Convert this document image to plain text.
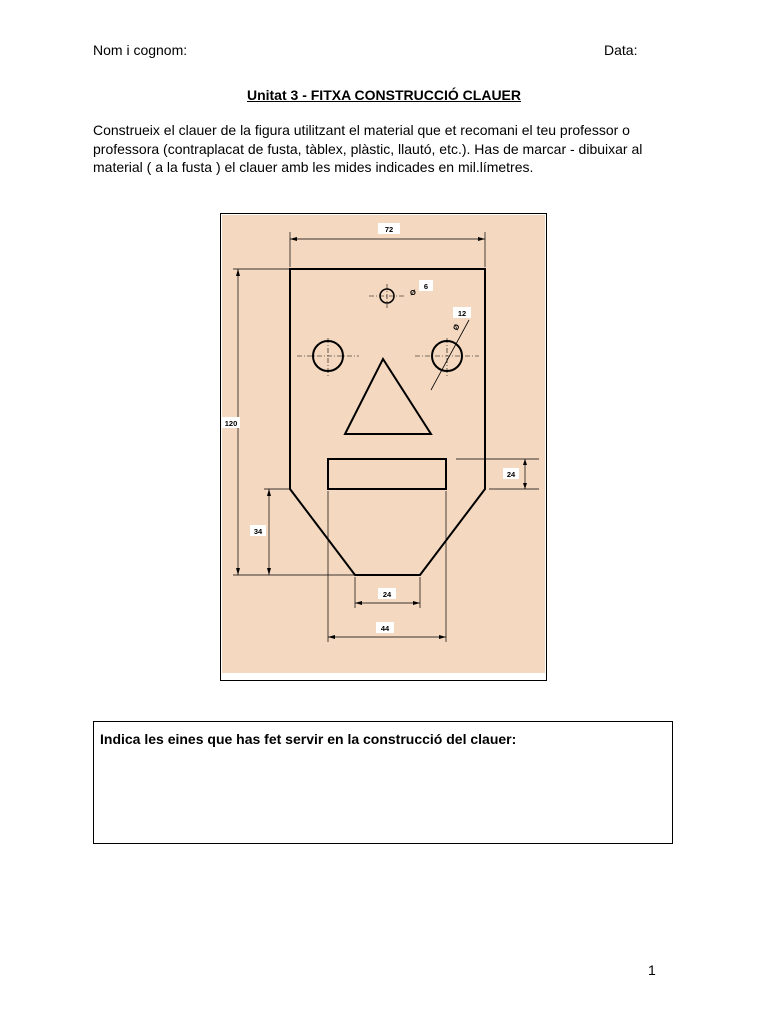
Nom i cognom:	Data:
Unitat 3 - FITXA CONSTRUCCIÓ CLAUER
Construeix el clauer de la figura utilitzant el material que et recomani el teu professor o professora (contraplacat de fusta, tàblex, plàstic, llautó, etc.). Has de marcar - dibuixar al material ( a la fusta ) el clauer amb les mides indicades en mil.límetres.
72
Ø
6
12
Ø
120
34
24
24
44
Indica les eines que has fet servir en la construcció del clauer:
1
